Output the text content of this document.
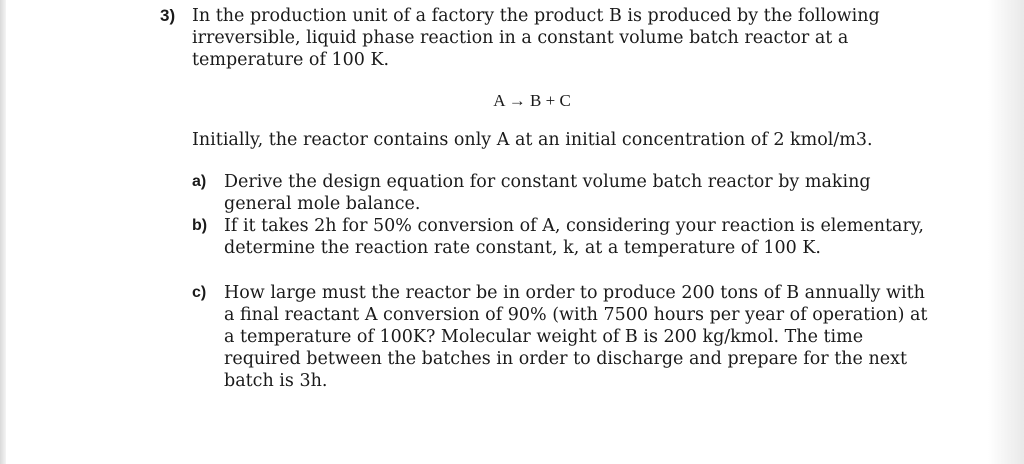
3) In the production unit of a factory the product B is produced by the following irreversible, liquid phase reaction in a constant volume batch reactor at a temperature of 100 K.

A → B + C

Initially, the reactor contains only A at an initial concentration of 2 kmol/m3.

a) Derive the design equation for constant volume batch reactor by making general mole balance.

b) If it takes 2h for 50% conversion of A, considering your reaction is elementary, determine the reaction rate constant, k, at a temperature of 100 K.

c) How large must the reactor be in order to produce 200 tons of B annually with a final reactant A conversion of 90% (with 7500 hours per year of operation) at a temperature of 100K? Molecular weight of B is 200 kg/kmol. The time required between the batches in order to discharge and prepare for the next batch is 3h.
